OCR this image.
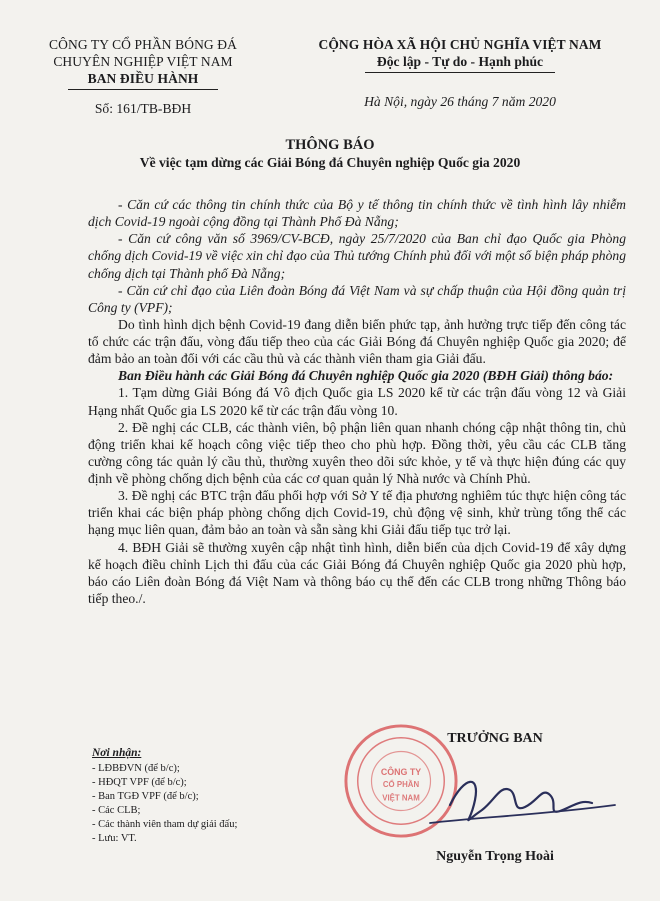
CÔNG TY CỔ PHẦN BÓNG ĐÁ

CHUYÊN NGHIỆP VIỆT NAM

BAN ĐIỀU HÀNH

Số: 161/TB-BĐH

CỘNG HÒA XÃ HỘI CHỦ NGHĨA VIỆT NAM

Độc lập - Tự do - Hạnh phúc

Hà Nội, ngày 26 tháng 7 năm 2020

THÔNG BÁO
Về việc tạm dừng các Giải Bóng đá Chuyên nghiệp Quốc gia 2020

- Căn cứ các thông tin chính thức của Bộ y tế thông tin chính thức về tình hình lây nhiễm dịch Covid-19 ngoài cộng đồng tại Thành Phố Đà Nẵng;

- Căn cứ công văn số 3969/CV-BCĐ, ngày 25/7/2020 của Ban chỉ đạo Quốc gia Phòng chống dịch Covid-19 về việc xin chỉ đạo của Thủ tướng Chính phủ đối với một số biện pháp phòng chống dịch tại Thành phố Đà Nẵng;

- Căn cứ chỉ đạo của Liên đoàn Bóng đá Việt Nam và sự chấp thuận của Hội đồng quản trị Công ty (VPF);

Do tình hình dịch bệnh Covid-19 đang diễn biến phức tạp, ảnh hưởng trực tiếp đến công tác tổ chức các trận đấu, vòng đấu tiếp theo của các Giải Bóng đá Chuyên nghiệp Quốc gia 2020; để đảm bảo an toàn đối với các cầu thủ và các thành viên tham gia Giải đấu.

Ban Điều hành các Giải Bóng đá Chuyên nghiệp Quốc gia 2020 (BĐH Giải) thông báo:

1. Tạm dừng Giải Bóng đá Vô địch Quốc gia LS 2020 kể từ các trận đấu vòng 12 và Giải Hạng nhất Quốc gia LS 2020 kể từ các trận đấu vòng 10.

2. Đề nghị các CLB, các thành viên, bộ phận liên quan nhanh chóng cập nhật thông tin, chủ động triển khai kế hoạch công việc tiếp theo cho phù hợp. Đồng thời, yêu cầu các CLB tăng cường công tác quản lý cầu thủ, thường xuyên theo dõi sức khỏe, y tế và thực hiện đúng các quy định về phòng chống dịch bệnh của các cơ quan quản lý Nhà nước và Chính Phủ.

3. Đề nghị các BTC trận đấu phối hợp với Sở Y tế địa phương nghiêm túc thực hiện công tác triển khai các biện pháp phòng chống dịch Covid-19, chủ động vệ sinh, khử trùng tổng thể các hạng mục liên quan, đảm bảo an toàn và sẵn sàng khi Giải đấu tiếp tục trở lại.

4. BĐH Giải sẽ thường xuyên cập nhật tình hình, diễn biến của dịch Covid-19 để xây dựng kế hoạch điều chỉnh Lịch thi đấu của các Giải Bóng đá Chuyên nghiệp Quốc gia 2020 phù hợp, báo cáo Liên đoàn Bóng đá Việt Nam và thông báo cụ thể đến các CLB trong những Thông báo tiếp theo./.

Nơi nhận:
- LĐBĐVN (để b/c);
- HĐQT VPF (để b/c);
- Ban TGĐ VPF (để b/c);
- Các CLB;
- Các thành viên tham dự giải đấu;
- Lưu: VT.
CÔNG TY
CỔ PHẦN
VIỆT NAM
TRƯỞNG BAN
Nguyễn Trọng Hoài
